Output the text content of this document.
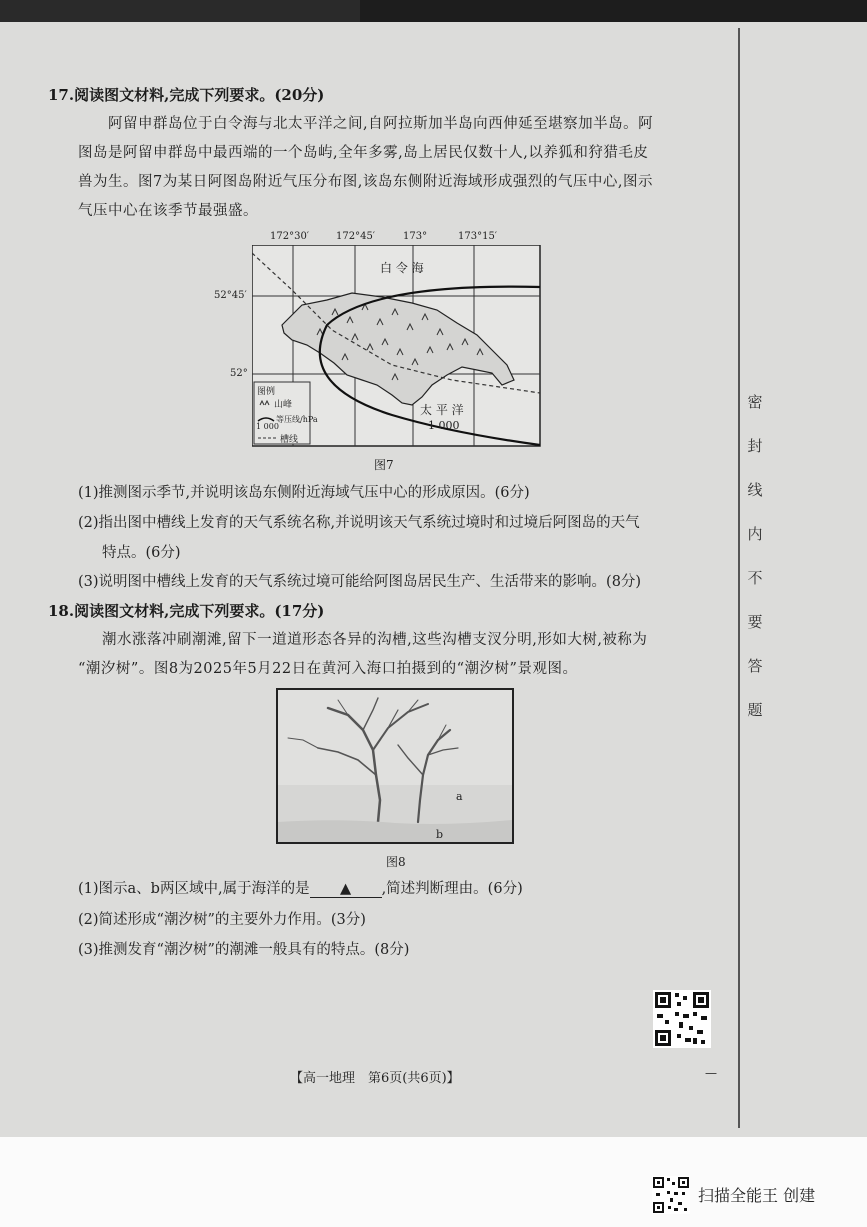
密
封
线
内
不
要
答
题
17.阅读图文材料,完成下列要求。(20分)
阿留申群岛位于白令海与北太平洋之间,自阿拉斯加半岛向西伸延至堪察加半岛。阿
图岛是阿留申群岛中最西端的一个岛屿,全年多雾,岛上居民仅数十人,以养狐和狩猎毛皮
兽为生。图7为某日阿图岛附近气压分布图,该岛东侧附近海域形成强烈的气压中心,图示
气压中心在该季节最强盛。
172°30′	172°45′	173°	173°15′
52°45′
52°
白 令 海
太 平 洋
1 000
图例
山峰
1 000
等压线/hPa
槽线
图7
(1)推测图示季节,并说明该岛东侧附近海域气压中心的形成原因。(6分)
(2)指出图中槽线上发育的天气系统名称,并说明该天气系统过境时和过境后阿图岛的天气
特点。(6分)
(3)说明图中槽线上发育的天气系统过境可能给阿图岛居民生产、生活带来的影响。(8分)
18.阅读图文材料,完成下列要求。(17分)
潮水涨落冲刷潮滩,留下一道道形态各异的沟槽,这些沟槽支汊分明,形如大树,被称为
“潮汐树”。图8为2025年5月22日在黄河入海口拍摄到的“潮汐树”景观图。
a
b
图8
(1)图示a、b两区域中,属于海洋的是 ▲ ,简述判断理由。(6分)
(2)简述形成“潮汐树”的主要外力作用。(3分)
(3)推测发育“潮汐树”的潮滩一般具有的特点。(8分)
【高一地理　第6页(共6页)】	—
扫描全能王 创建
